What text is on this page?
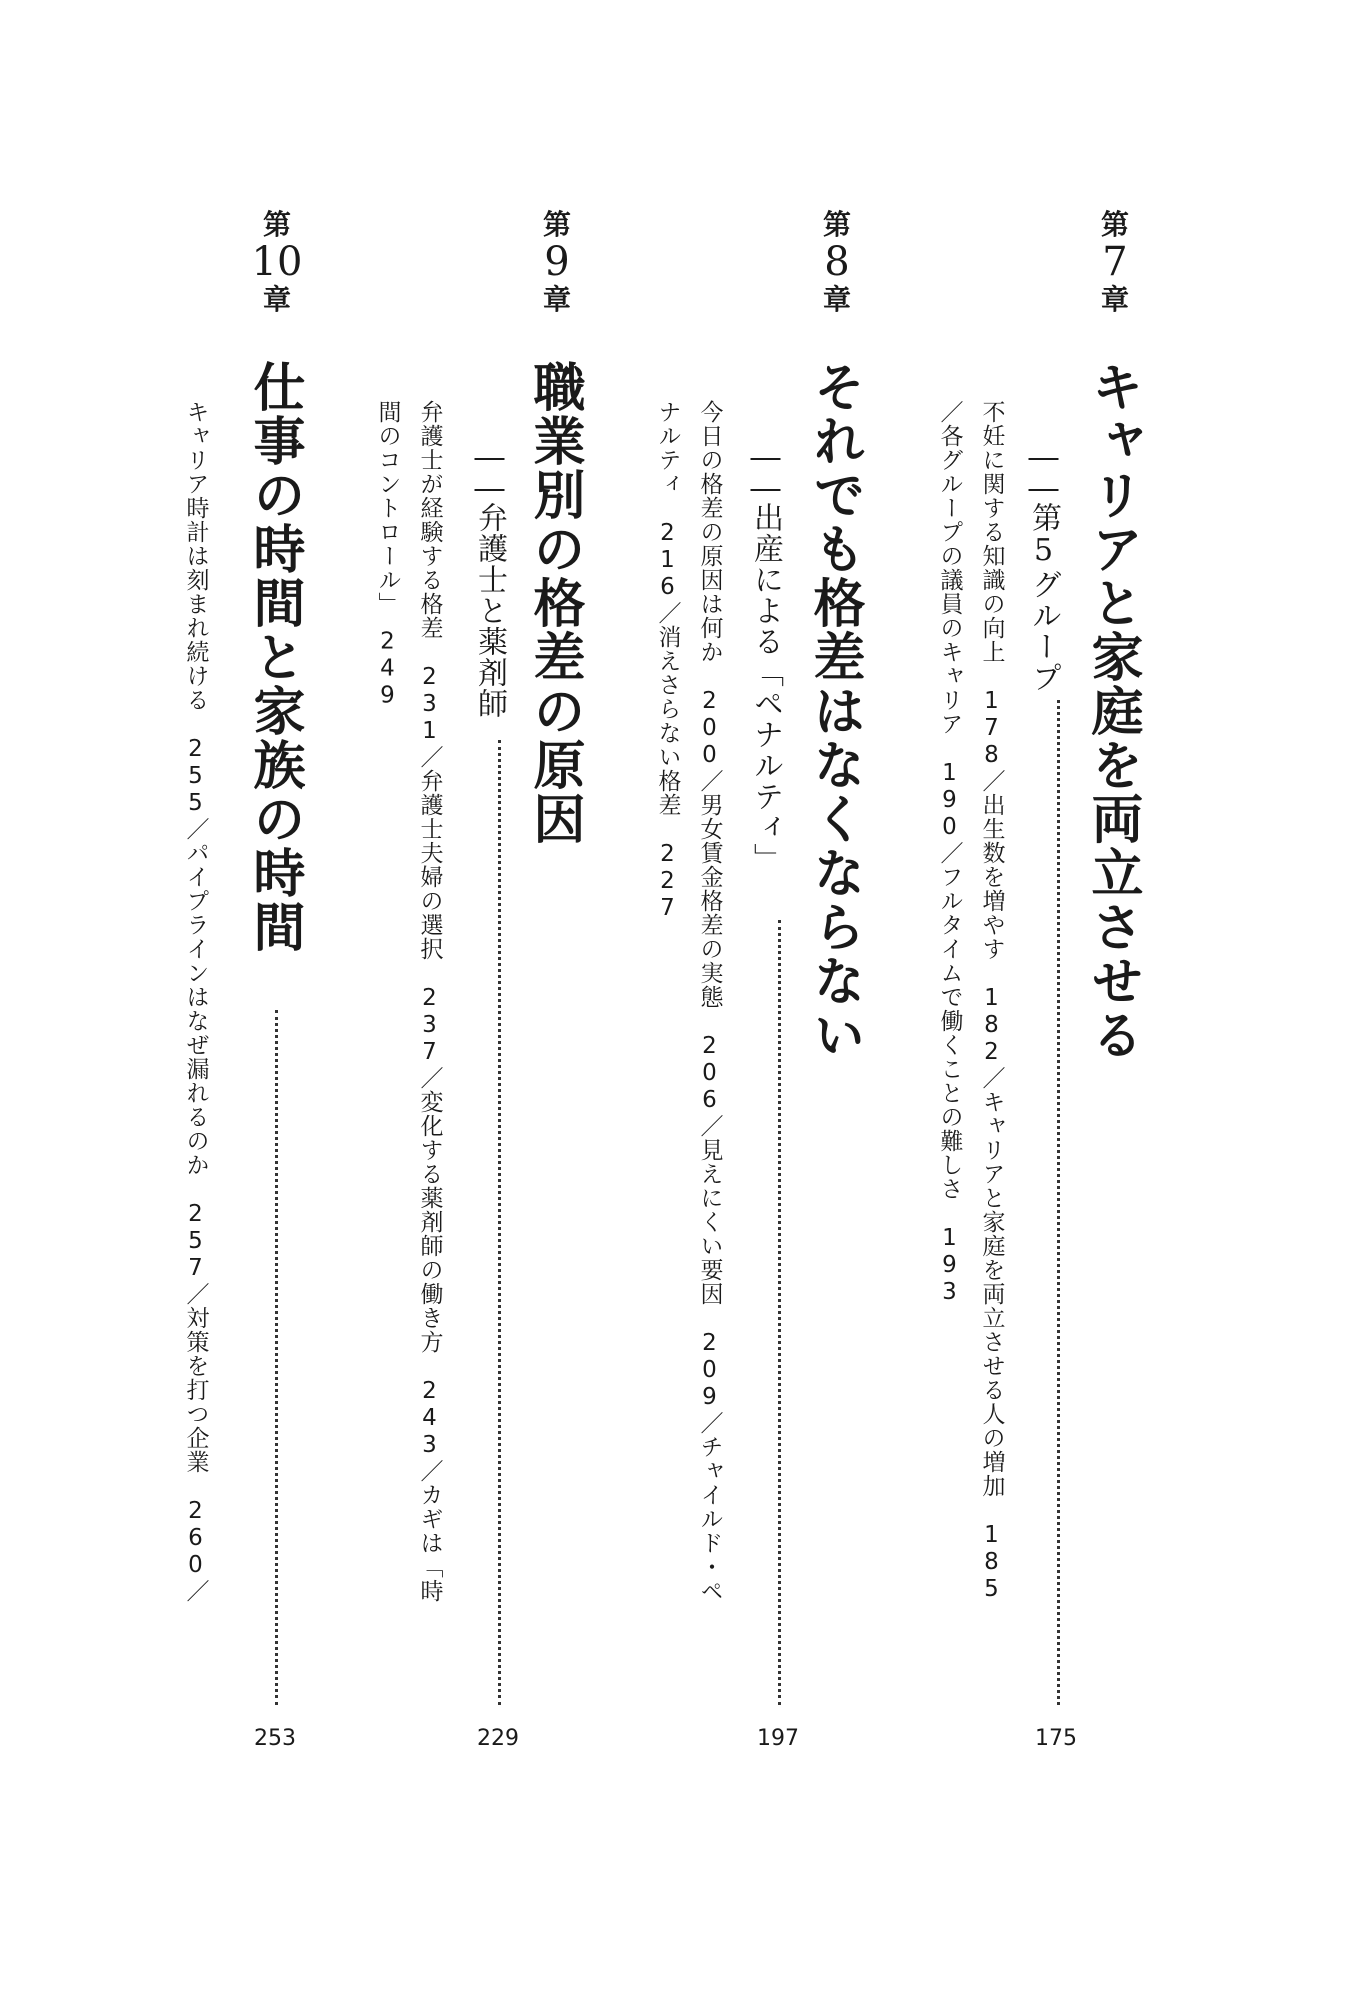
第
7
章
キャリアと家庭を両立させる

――第5グループ

175

不妊に関する知識の向上　178／出生数を増やす　182／キャリアと家庭を両立させる人の増加　185

／各グループの議員のキャリア　190／フルタイムで働くことの難しさ　193

第
8
章
それでも格差はなくならない

――出産による「ペナルティ」

197

今日の格差の原因は何か　200／男女賃金格差の実態　206／見えにくい要因　209／チャイルド・ペ

ナルティ　216／消えさらない格差　227

第
9
章
職業別の格差の原因

――弁護士と薬剤師

229

弁護士が経験する格差　231／弁護士夫婦の選択　237／変化する薬剤師の働き方　243／カギは「時

間のコントロール」　249

第
10
章
仕事の時間と家族の時間
253

キャリア時計は刻まれ続ける　255／パイプラインはなぜ漏れるのか　257／対策を打つ企業　260／
